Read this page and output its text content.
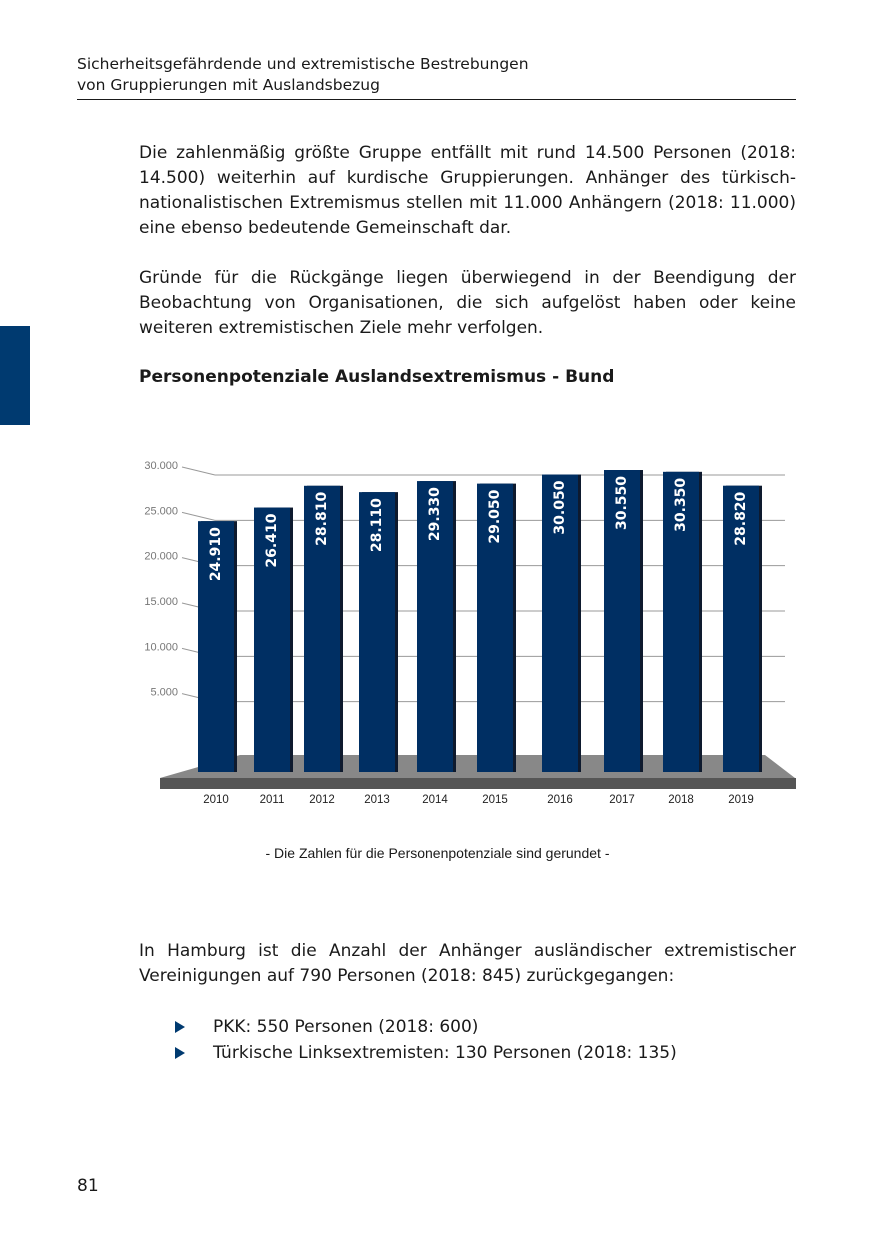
Sicherheitsgefährdende und extremistische Bestrebungen
von Gruppierungen mit Auslandsbezug

Die zahlenmäßig größte Gruppe entfällt mit rund 14.500 Personen (2018: 14.500) weiterhin auf kurdische Gruppierungen. Anhänger des türkisch-nationalistischen Extremismus stellen mit 11.000 Anhängern (2018: 11.000) eine ebenso bedeutende Gemeinschaft dar.

Gründe für die Rückgänge liegen überwiegend in der Beendigung der Beobachtung von Organisationen, die sich aufgelöst haben oder keine weiteren extremistischen Ziele mehr verfolgen.

Personenpotenziale Auslandsextremismus - Bund
5.000
10.000
15.000
20.000
25.000
30.000
24.910
2010
26.410
2011
28.810
2012
28.110
2013
29.330
2014
29.050
2015
30.050
2016
30.550
2017
30.350
2018
28.820
2019
- Die Zahlen für die Personenpotenziale sind gerundet -

In Hamburg ist die Anzahl der Anhänger ausländischer extremistischer Vereinigungen auf 790 Personen (2018: 845) zurückgegangen:

PKK: 550 Personen (2018: 600)
Türkische Linksextremisten: 130 Personen (2018: 135)
81
